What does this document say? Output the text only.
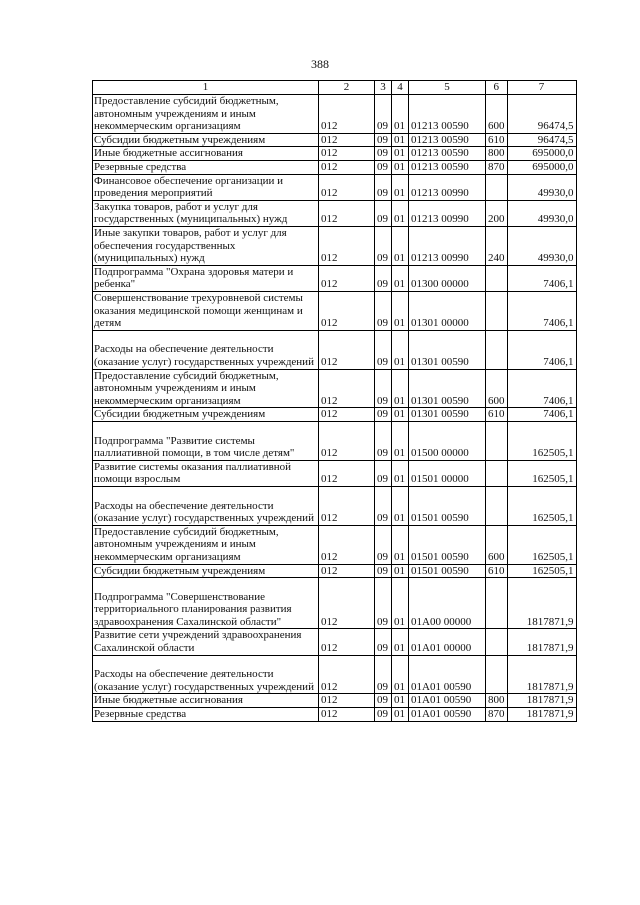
388
1	2	3	4	5	6	7
Предоставление субсидий бюджетным, автономным учреждениям и иным некоммерческим организациям	012	09	01	01213 00590	600	96474,5
Субсидии бюджетным учреждениям	012	09	01	01213 00590	610	96474,5
Иные бюджетные ассигнования	012	09	01	01213 00590	800	695000,0
Резервные средства	012	09	01	01213 00590	870	695000,0
Финансовое обеспечение организации и проведения мероприятий	012	09	01	01213 00990		49930,0
Закупка товаров, работ и услуг для государственных (муниципальных) нужд	012	09	01	01213 00990	200	49930,0
Иные закупки товаров, работ и услуг для обеспечения государственных (муниципальных) нужд	012	09	01	01213 00990	240	49930,0
Подпрограмма "Охрана здоровья матери и ребенка"	012	09	01	01300 00000		7406,1
Совершенствование трехуровневой системы оказания медицинской помощи женщинам и детям	012	09	01	01301 00000		7406,1
Расходы на обеспечение деятельности (оказание услуг) государственных учреждений	012	09	01	01301 00590		7406,1
Предоставление субсидий бюджетным, автономным учреждениям и иным некоммерческим организациям	012	09	01	01301 00590	600	7406,1
Субсидии бюджетным учреждениям	012	09	01	01301 00590	610	7406,1
Подпрограмма "Развитие системы паллиативной помощи, в том числе детям"	012	09	01	01500 00000		162505,1
Развитие системы оказания паллиативной помощи взрослым	012	09	01	01501 00000		162505,1
Расходы на обеспечение деятельности (оказание услуг) государственных учреждений	012	09	01	01501 00590		162505,1
Предоставление субсидий бюджетным, автономным учреждениям и иным некоммерческим организациям	012	09	01	01501 00590	600	162505,1
Субсидии бюджетным учреждениям	012	09	01	01501 00590	610	162505,1
Подпрограмма "Совершенствование территориального планирования развития здравоохранения Сахалинской области"	012	09	01	01А00 00000		1817871,9
Развитие сети учреждений здравоохранения Сахалинской области	012	09	01	01А01 00000		1817871,9
Расходы на обеспечение деятельности (оказание услуг) государственных учреждений	012	09	01	01А01 00590		1817871,9
Иные бюджетные ассигнования	012	09	01	01А01 00590	800	1817871,9
Резервные средства	012	09	01	01А01 00590	870	1817871,9
